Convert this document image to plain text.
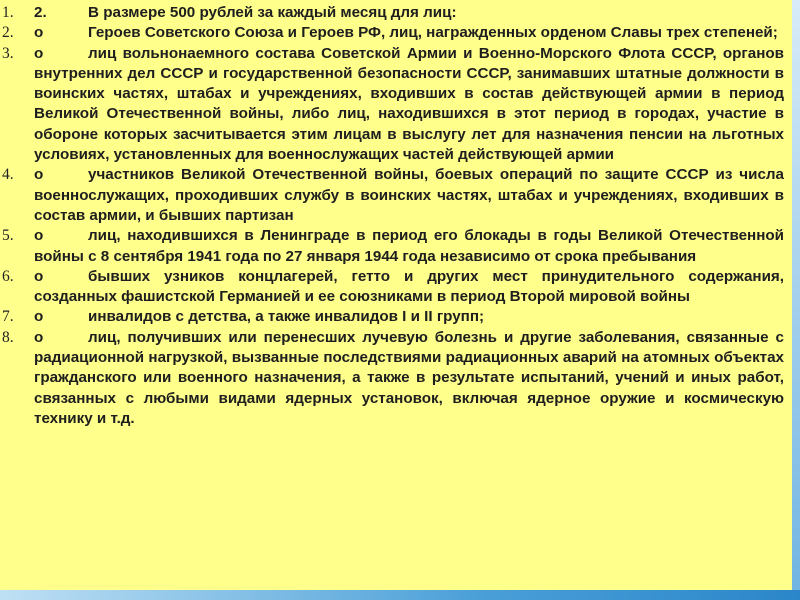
1. 2.	В размере 500 рублей за каждый месяц для лиц:
2. o	Героев Советского Союза и Героев РФ, лиц, награжденных орденом Славы трех степеней;
3. o	лиц вольнонаемного состава Советской Армии и Военно-Морского Флота СССР, органов внутренних дел СССР и государственной безопасности СССР, занимавших штатные должности в воинских частях, штабах и учреждениях, входивших в состав действующей армии в период Великой Отечественной войны, либо лиц, находившихся в этот период в городах, участие в обороне которых засчитывается этим лицам в выслугу лет для назначения пенсии на льготных условиях, установленных для военнослужащих частей действующей армии
4. o	участников Великой Отечественной войны, боевых операций по защите СССР из числа военнослужащих, проходивших службу в воинских частях, штабах и учреждениях, входивших в состав армии, и бывших партизан
5. o	лиц, находившихся в Ленинграде в период его блокады в годы Великой Отечественной войны с 8 сентября 1941 года по 27 января 1944 года независимо от срока пребывания
6. o	бывших узников концлагерей, гетто и других мест принудительного содержания, созданных фашистской Германией и ее союзниками в период Второй мировой войны
7. o	инвалидов с детства, а также инвалидов I и II групп;
8. o	лиц, получивших или перенесших лучевую болезнь и другие заболевания, связанные с радиационной нагрузкой, вызванные последствиями радиационных аварий на атомных объектах гражданского или военного назначения, а также в результате испытаний, учений и иных работ, связанных с любыми видами ядерных установок, включая ядерное оружие и космическую технику и т.д.
